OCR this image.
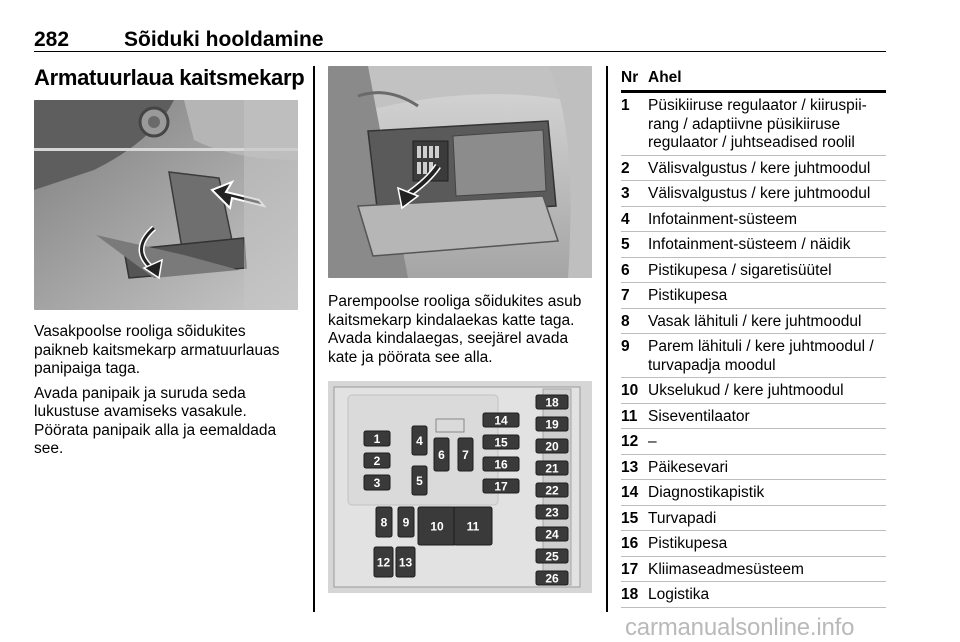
282	Sõiduki hooldamine
Armatuurlaua kaitsmekarp

Vasakpoolse rooliga sõidukites paikneb kaitsmekarp armatuurlauas panipaiga taga.

Avada panipaik ja suruda seda lukustuse avamiseks vasakule. Pöörata panipaik alla ja eemaldada see.

Parempoolse rooliga sõidukites asub kaitsmekarp kindalaekas katte taga. Avada kindalaegas, seejärel avada kate ja pöörata see alla.

1
2
3
4
5
6 7
8 9 10 11
12 13
14
15
16
17
18
19
20
21
22
23
24
25
26
Nr Ahel
1	Püsikiiruse regulaator / kiiruspiirang / adaptiivne püsikiiruse regulaator / juhtseadised roolil
2	Välisvalgustus / kere juhtmoodul
3	Välisvalgustus / kere juhtmoodul
4	Infotainment-süsteem
5	Infotainment-süsteem / näidik
6	Pistikupesa / sigaretisüütel
7	Pistikupesa
8	Vasak lähituli / kere juhtmoodul
9	Parem lähituli / kere juhtmoodul / turvapadja moodul
10 Ukselukud / kere juhtmoodul
11 Siseventilaator
12 –
13 Päikesevari
14 Diagnostikapistik
15 Turvapadi
16 Pistikupesa
17 Kliimaseadmesüsteem
18 Logistika
carmanualsonline.info
